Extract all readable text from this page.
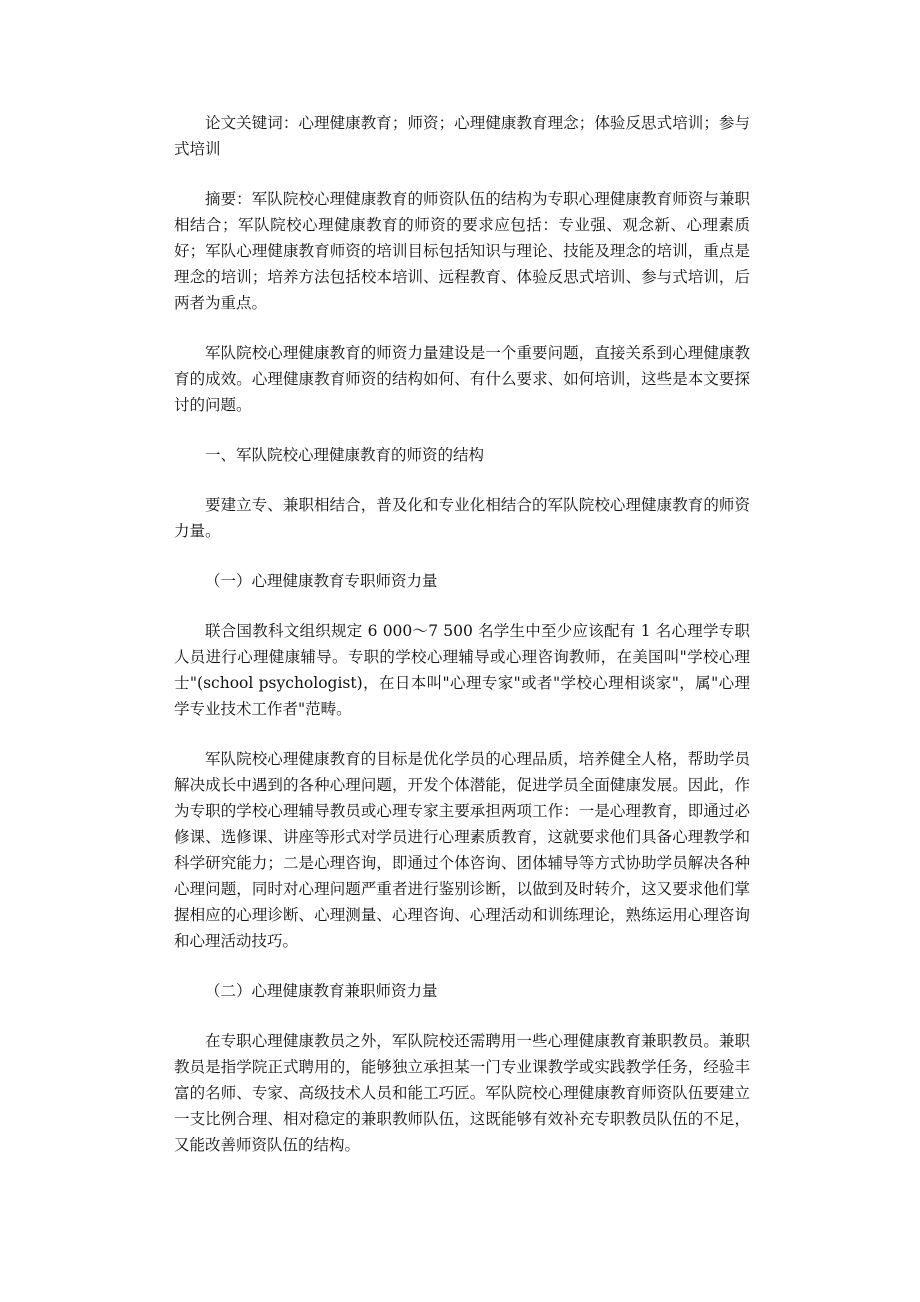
论文关键词：心理健康教育；师资；心理健康教育理念；体验反思式培训；参与式培训

摘要：军队院校心理健康教育的师资队伍的结构为专职心理健康教育师资与兼职相结合；军队院校心理健康教育的师资的要求应包括：专业强、观念新、心理素质好；军队心理健康教育师资的培训目标包括知识与理论、技能及理念的培训，重点是理念的培训；培养方法包括校本培训、远程教育、体验反思式培训、参与式培训，后两者为重点。

军队院校心理健康教育的师资力量建设是一个重要问题，直接关系到心理健康教育的成效。心理健康教育师资的结构如何、有什么要求、如何培训，这些是本文要探讨的问题。

一、军队院校心理健康教育的师资的结构

要建立专、兼职相结合，普及化和专业化相结合的军队院校心理健康教育的师资力量。

（一）心理健康教育专职师资力量

联合国教科文组织规定 6 000～7 500 名学生中至少应该配有 1 名心理学专职人员进行心理健康辅导。专职的学校心理辅导或心理咨询教师，在美国叫"学校心理士"(school psychologist)，在日本叫"心理专家"或者"学校心理相谈家"，属"心理学专业技术工作者"范畴。

军队院校心理健康教育的目标是优化学员的心理品质，培养健全人格，帮助学员解决成长中遇到的各种心理问题，开发个体潜能，促进学员全面健康发展。因此，作为专职的学校心理辅导教员或心理专家主要承担两项工作：一是心理教育，即通过必修课、选修课、讲座等形式对学员进行心理素质教育，这就要求他们具备心理教学和科学研究能力；二是心理咨询，即通过个体咨询、团体辅导等方式协助学员解决各种心理问题，同时对心理问题严重者进行鉴别诊断，以做到及时转介，这又要求他们掌握相应的心理诊断、心理测量、心理咨询、心理活动和训练理论，熟练运用心理咨询和心理活动技巧。

（二）心理健康教育兼职师资力量

在专职心理健康教员之外，军队院校还需聘用一些心理健康教育兼职教员。兼职教员是指学院正式聘用的，能够独立承担某一门专业课教学或实践教学任务，经验丰富的名师、专家、高级技术人员和能工巧匠。军队院校心理健康教育师资队伍要建立一支比例合理、相对稳定的兼职教师队伍，这既能够有效补充专职教员队伍的不足，又能改善师资队伍的结构。
